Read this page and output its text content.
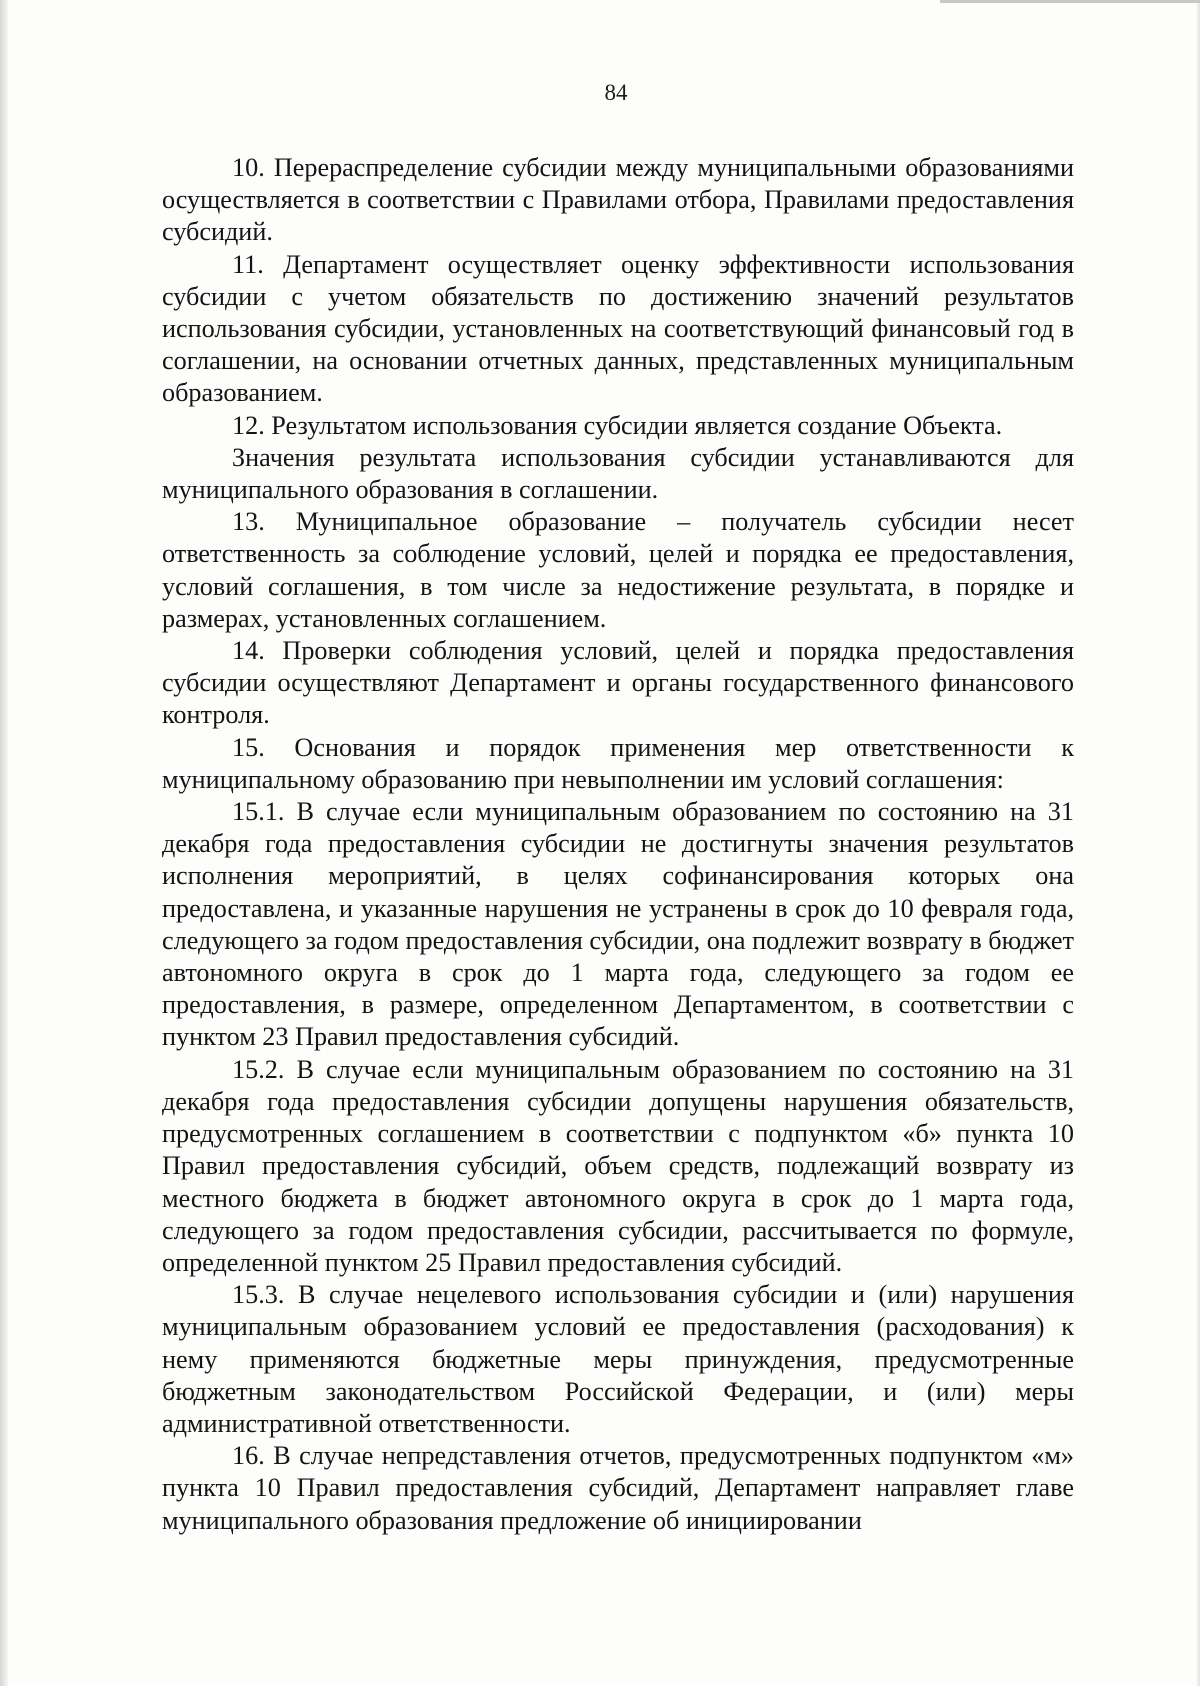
84

10. Перераспределение субсидии между муниципальными образованиями осуществляется в соответствии с Правилами отбора, Правилами предоставления субсидий.

11. Департамент осуществляет оценку эффективности использования субсидии с учетом обязательств по достижению значений результатов использования субсидии, установленных на соответствующий финансовый год в соглашении, на основании отчетных данных, представленных муниципальным образованием.

12. Результатом использования субсидии является создание Объекта.

Значения результата использования субсидии устанавливаются для муниципального образования в соглашении.

13. Муниципальное образование – получатель субсидии несет ответственность за соблюдение условий, целей и порядка ее предоставления, условий соглашения, в том числе за недостижение результата, в порядке и размерах, установленных соглашением.

14. Проверки соблюдения условий, целей и порядка предоставления субсидии осуществляют Департамент и органы государственного финансового контроля.

15. Основания и порядок применения мер ответственности к муниципальному образованию при невыполнении им условий соглашения:

15.1. В случае если муниципальным образованием по состоянию на 31 декабря года предоставления субсидии не достигнуты значения результатов исполнения мероприятий, в целях софинансирования которых она предоставлена, и указанные нарушения не устранены в срок до 10 февраля года, следующего за годом предоставления субсидии, она подлежит возврату в бюджет автономного округа в срок до 1 марта года, следующего за годом ее предоставления, в размере, определенном Департаментом, в соответствии с пунктом 23 Правил предоставления субсидий.

15.2. В случае если муниципальным образованием по состоянию на 31 декабря года предоставления субсидии допущены нарушения обязательств, предусмотренных соглашением в соответствии с подпунктом «б» пункта 10 Правил предоставления субсидий, объем средств, подлежащий возврату из местного бюджета в бюджет автономного округа в срок до 1 марта года, следующего за годом предоставления субсидии, рассчитывается по формуле, определенной пунктом 25 Правил предоставления субсидий.

15.3. В случае нецелевого использования субсидии и (или) нарушения муниципальным образованием условий ее предоставления (расходования) к нему применяются бюджетные меры принуждения, предусмотренные бюджетным законодательством Российской Федерации, и (или) меры административной ответственности.

16. В случае непредставления отчетов, предусмотренных подпунктом «м» пункта 10 Правил предоставления субсидий, Департамент направляет главе муниципального образования предложение об инициировании
